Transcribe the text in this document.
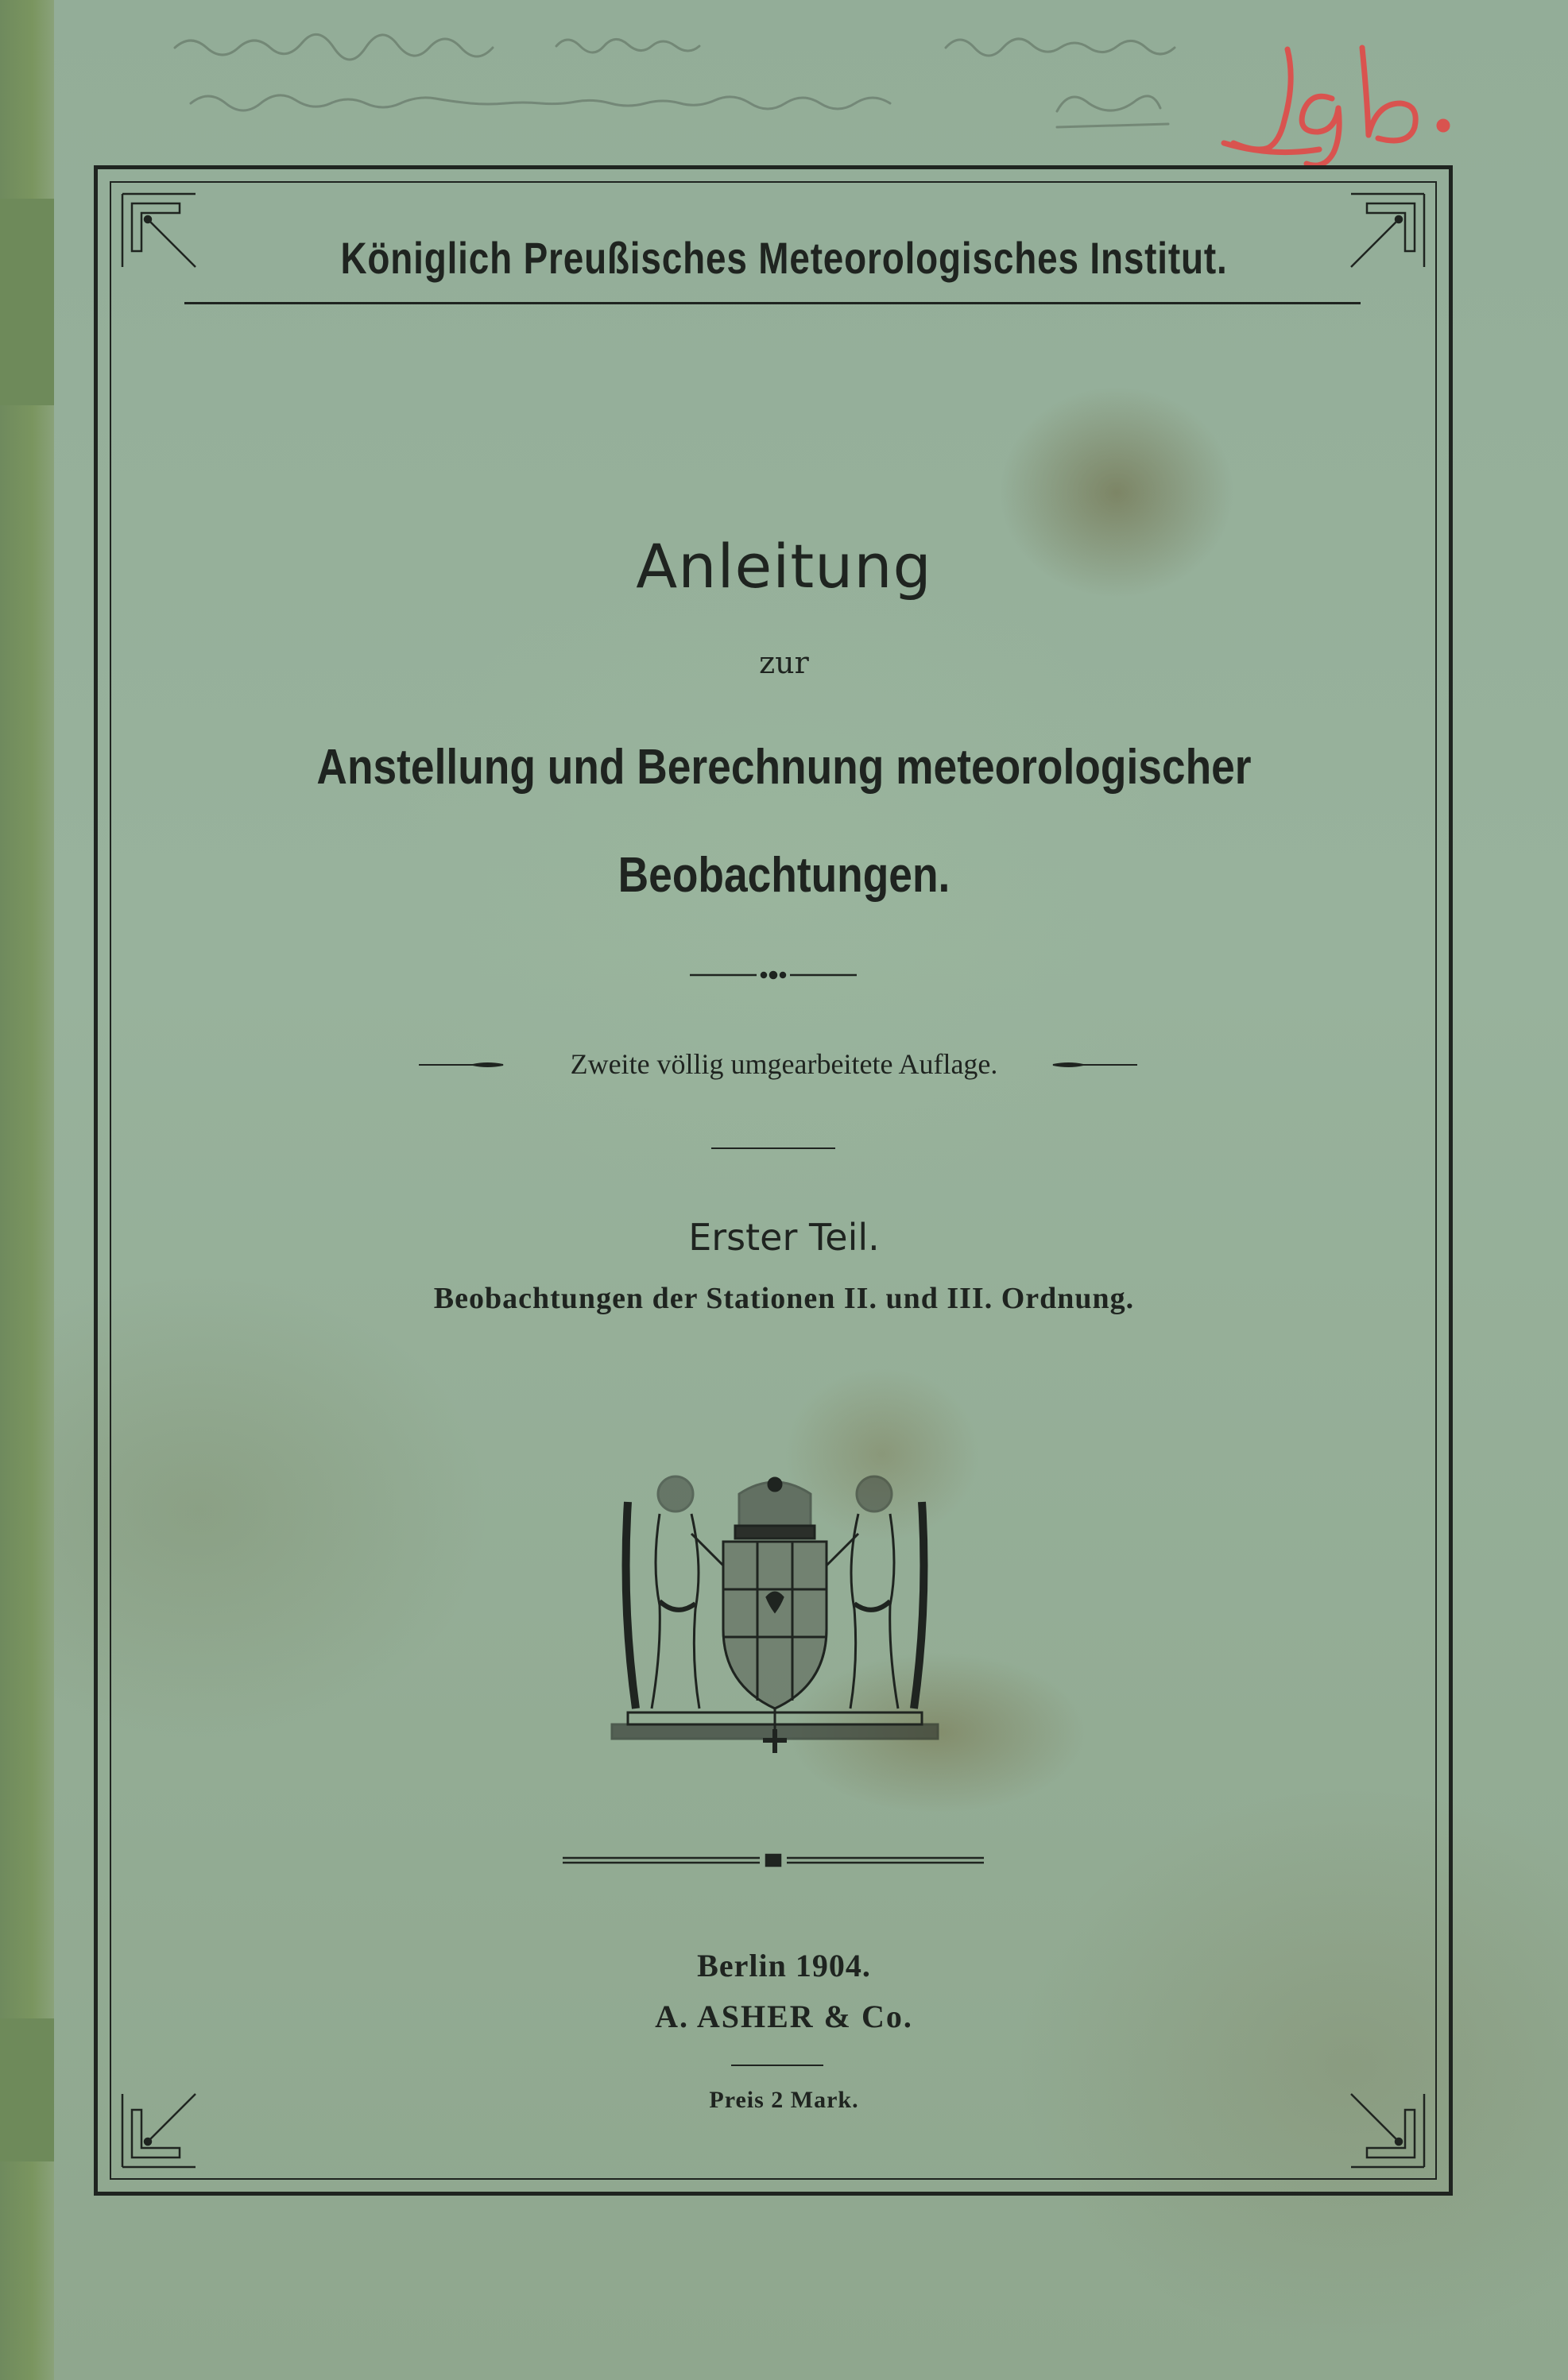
Königlich Preußisches Meteorologisches Institut.

Anleitung

zur

Anstellung und Berechnung meteorologischer

Beobachtungen.

Zweite völlig umgearbeitete Auflage.

Erster Teil.

Beobachtungen der Stationen II. und III. Ordnung.

Berlin 1904.

A. ASHER & Co.

Preis 2 Mark.
